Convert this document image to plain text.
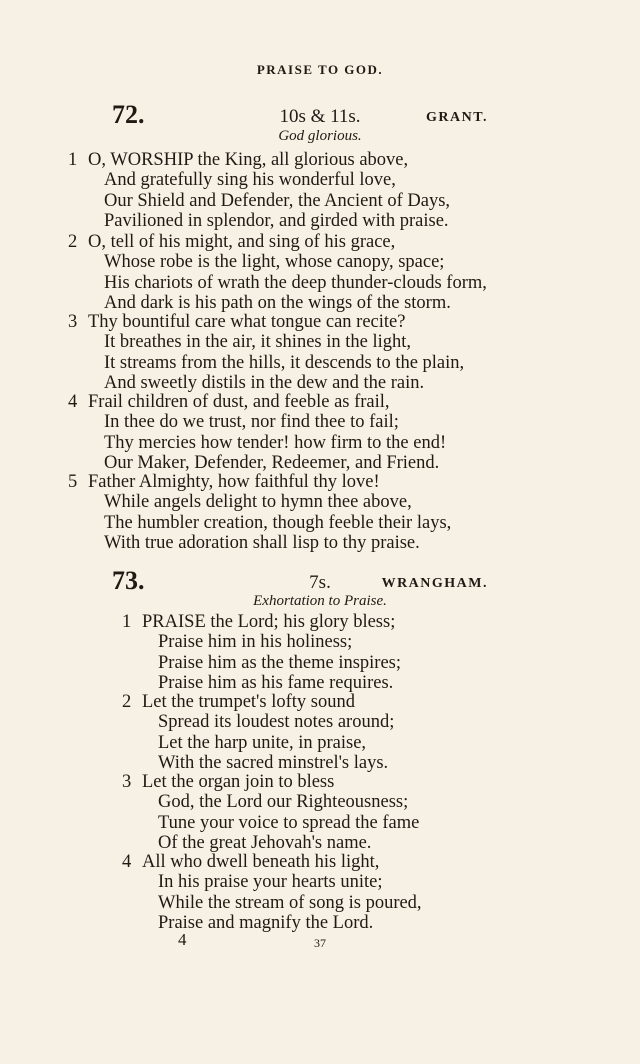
PRAISE TO GOD.
72.	10s & 11s.	GRANT.
God glorious.
1 O, WORSHIP the King, all glorious above,
And gratefully sing his wonderful love,
Our Shield and Defender, the Ancient of Days,
Pavilioned in splendor, and girded with praise.
2 O, tell of his might, and sing of his grace,
Whose robe is the light, whose canopy, space;
His chariots of wrath the deep thunder-clouds form,
And dark is his path on the wings of the storm.
3 Thy bountiful care what tongue can recite?
It breathes in the air, it shines in the light,
It streams from the hills, it descends to the plain,
And sweetly distils in the dew and the rain.
4 Frail children of dust, and feeble as frail,
In thee do we trust, nor find thee to fail;
Thy mercies how tender! how firm to the end!
Our Maker, Defender, Redeemer, and Friend.
5 Father Almighty, how faithful thy love!
While angels delight to hymn thee above,
The humbler creation, though feeble their lays,
With true adoration shall lisp to thy praise.
73.	7s.	WRANGHAM.
Exhortation to Praise.
1 PRAISE the Lord; his glory bless;
Praise him in his holiness;
Praise him as the theme inspires;
Praise him as his fame requires.
2 Let the trumpet's lofty sound
Spread its loudest notes around;
Let the harp unite, in praise,
With the sacred minstrel's lays.
3 Let the organ join to bless
God, the Lord our Righteousness;
Tune your voice to spread the fame
Of the great Jehovah's name.
4 All who dwell beneath his light,
In his praise your hearts unite;
While the stream of song is poured,
Praise and magnify the Lord.
4	37
